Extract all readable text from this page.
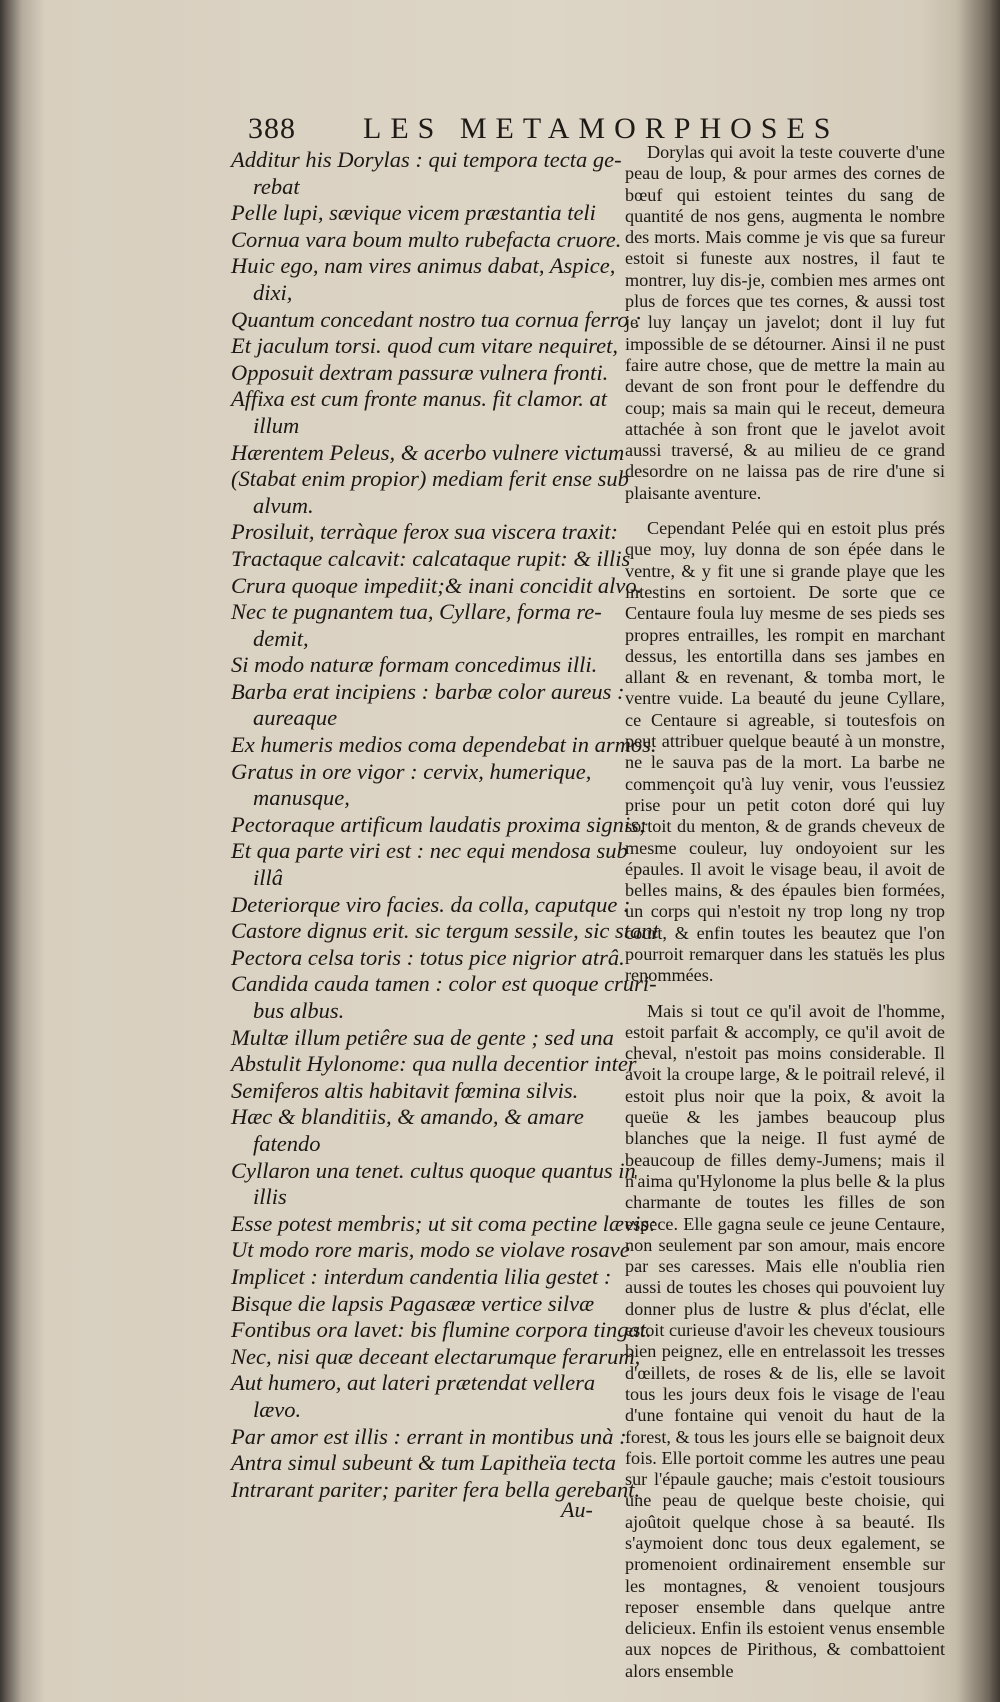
388 LES METAMORPHOSES
Additur his Dorylas : qui tempora tecta ge-
rebat
Pelle lupi, sævique vicem præstantia teli
Cornua vara boum multo rubefacta cruore.
Huic ego, nam vires animus dabat, Aspice,
dixi,
Quantum concedant nostro tua cornua ferro :
Et jaculum torsi. quod cum vitare nequiret,
Opposuit dextram passuræ vulnera fronti.
Affixa est cum fronte manus. fit clamor. at
illum
Hærentem Peleus, & acerbo vulnere victum
(Stabat enim propior) mediam ferit ense sub
alvum.
Prosiluit, terràque ferox sua viscera traxit:
Tractaque calcavit: calcataque rupit: & illis
Crura quoque impediit;& inani concidit alvo.
Nec te pugnantem tua, Cyllare, forma re-
demit,
Si modo naturæ formam concedimus illi.
Barba erat incipiens : barbæ color aureus :
aureaque
Ex humeris medios coma dependebat in armos.
Gratus in ore vigor : cervix, humerique,
manusque,
Pectoraque artificum laudatis proxima signis;
Et qua parte viri est : nec equi mendosa sub
illâ
Deteriorque viro facies. da colla, caputque :
Castore dignus erit. sic tergum sessile, sic stant
Pectora celsa toris : totus pice nigrior atrâ.
Candida cauda tamen : color est quoque cruri-
bus albus.
Multæ illum petiêre sua de gente ; sed una
Abstulit Hylonome: qua nulla decentior inter
Semiferos altis habitavit fœmina silvis.
Hæc & blanditiis, & amando, & amare
fatendo
Cyllaron una tenet. cultus quoque quantus in
illis
Esse potest membris; ut sit coma pectine lævis:
Ut modo rore maris, modo se violave rosave
Implicet : interdum candentia lilia gestet :
Bisque die lapsis Pagasææ vertice silvæ
Fontibus ora lavet: bis flumine corpora tingat.
Nec, nisi quæ deceant electarumque ferarum,
Aut humero, aut lateri prætendat vellera
lævo.
Par amor est illis : errant in montibus unà :
Antra simul subeunt & tum Lapitheïa tecta
Intrarant pariter; pariter fera bella gerebant.

Dorylas qui avoit la teste couverte d'une peau de loup, & pour armes des cornes de bœuf qui estoient teintes du sang de quantité de nos gens, augmenta le nombre des morts. Mais comme je vis que sa fureur estoit si funeste aux nostres, il faut te montrer, luy dis-je, combien mes armes ont plus de forces que tes cornes, & aussi tost je luy lançay un javelot; dont il luy fut impossible de se détourner. Ainsi il ne pust faire autre chose, que de mettre la main au devant de son front pour le deffendre du coup; mais sa main qui le receut, demeura attachée à son front que le javelot avoit aussi traversé, & au milieu de ce grand desordre on ne laissa pas de rire d'une si plaisante aventure.

Cependant Pelée qui en estoit plus prés que moy, luy donna de son épée dans le ventre, & y fit une si grande playe que les intestins en sortoient. De sorte que ce Centaure foula luy mesme de ses pieds ses propres entrailles, les rompit en marchant dessus, les entortilla dans ses jambes en allant & en revenant, & tomba mort, le ventre vuide. La beauté du jeune Cyllare, ce Centaure si agreable, si toutesfois on peut attribuer quelque beauté à un monstre, ne le sauva pas de la mort. La barbe ne commençoit qu'à luy venir, vous l'eussiez prise pour un petit coton doré qui luy sortoit du menton, & de grands cheveux de mesme couleur, luy ondoyoient sur les épaules. Il avoit le visage beau, il avoit de belles mains, & des épaules bien formées, un corps qui n'estoit ny trop long ny trop court, & enfin toutes les beautez que l'on pourroit remarquer dans les statuës les plus renommées.

Mais si tout ce qu'il avoit de l'homme, estoit parfait & accomply, ce qu'il avoit de cheval, n'estoit pas moins considerable. Il avoit la croupe large, & le poitrail relevé, il estoit plus noir que la poix, & avoit la queüe & les jambes beaucoup plus blanches que la neige. Il fust aymé de beaucoup de filles demy-Jumens; mais il n'aima qu'Hylonome la plus belle & la plus charmante de toutes les filles de son espece. Elle gagna seule ce jeune Centaure, non seulement par son amour, mais encore par ses caresses. Mais elle n'oublia rien aussi de toutes les choses qui pouvoient luy donner plus de lustre & plus d'éclat, elle estoit curieuse d'avoir les cheveux tousiours bien peignez, elle en entrelassoit les tresses d'œillets, de roses & de lis, elle se lavoit tous les jours deux fois le visage de l'eau d'une fontaine qui venoit du haut de la forest, & tous les jours elle se baignoit deux fois. Elle portoit comme les autres une peau sur l'épaule gauche; mais c'estoit tousiours une peau de quelque beste choisie, qui ajoûtoit quelque chose à sa beauté. Ils s'aymoient donc tous deux egalement, se promenoient ordinairement ensemble sur les montagnes, & venoient tousjours reposer ensemble dans quelque antre delicieux. Enfin ils estoient venus ensemble aux nopces de Pirithous, & combattoient alors ensemble

Au-
